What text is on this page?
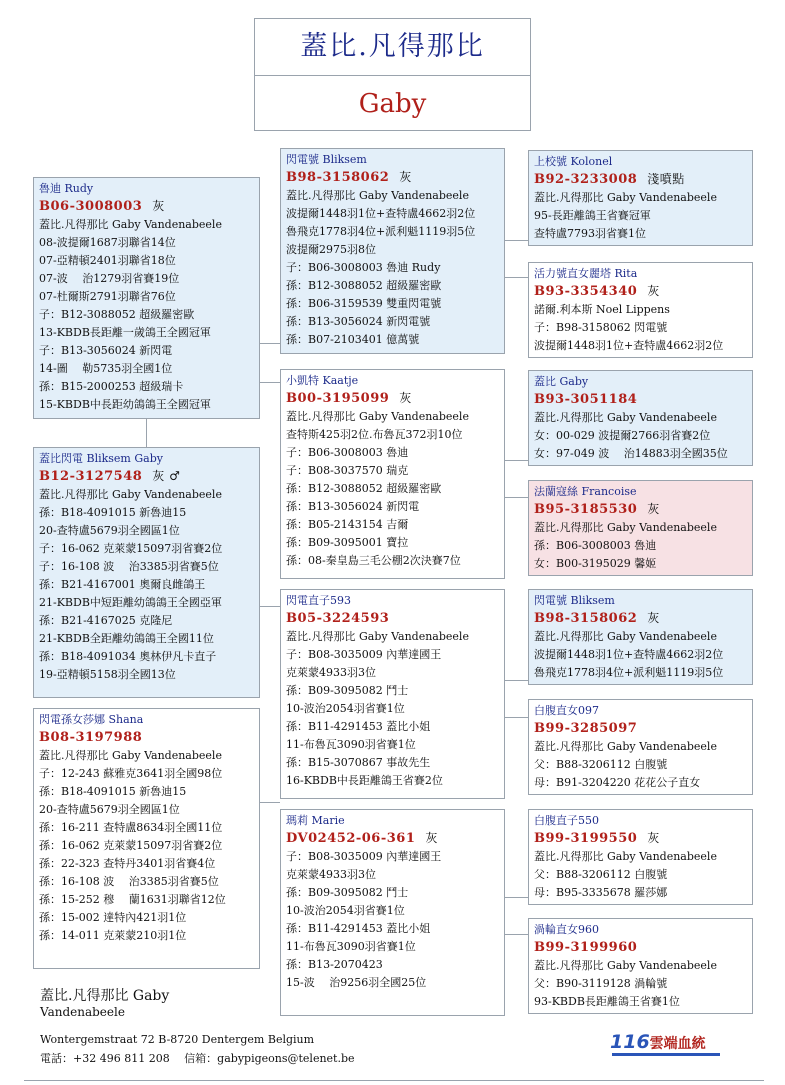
蓋比.凡得那比
Gaby
魯迪 Rudy
B06-3008003 灰
蓋比.凡得那比 Gaby Vandenabeele
08-波提爾1687羽聯省14位
07-亞精頓2401羽聯省18位
07-波　 治1279羽省賽19位
07-杜爾斯2791羽聯省76位
子：B12-3088052 超級羅密歐
13-KBDB長距離一歲鴿王全國冠軍
子：B13-3056024 新閃電
14-圖　 勒5735羽全國1位
孫：B15-2000253 超級瑞卡
15-KBDB中長距幼鴿鴿王全國冠軍
蓋比閃電 Bliksem Gaby
B12-3127548 灰 ♂
蓋比.凡得那比 Gaby Vandenabeele
孫：B18-4091015 新魯迪15
20-查特盧5679羽全國區1位
子：16-062 克萊蒙15097羽省賽2位
子：16-108 波　 治3385羽省賽5位
孫：B21-4167001 奧爾良雌鴿王
21-KBDB中短距離幼鴿鴿王全國亞軍
孫：B21-4167025 克隆尼
21-KBDB全距離幼鴿鴿王全國11位
孫：B18-4091034 奧林伊凡卡直子
19-亞精頓5158羽全國13位
閃電孫女莎娜 Shana
B08-3197988
蓋比.凡得那比 Gaby Vandenabeele
子：12-243 蘇雅克3641羽全國98位
孫：B18-4091015 新魯迪15
20-查特盧5679羽全國區1位
孫：16-211 查特盧8634羽全國11位
孫：16-062 克萊蒙15097羽省賽2位
孫：22-323 查特丹3401羽省賽4位
孫：16-108 波　 治3385羽省賽5位
孫：15-252 穆　 蘭1631羽聯省12位
孫：15-002 達特內421羽1位
孫：14-011 克萊蒙210羽1位
閃電號 Bliksem
B98-3158062 灰
蓋比.凡得那比 Gaby Vandenabeele
波提爾1448羽1位+查特盧4662羽2位
魯飛克1778羽4位+派利魁1119羽5位
波提爾2975羽8位
子：B06-3008003 魯迪 Rudy
孫：B12-3088052 超級羅密歐
孫：B06-3159539 雙重閃電號
孫：B13-3056024 新閃電號
孫：B07-2103401 億萬號
小凱特 Kaatje
B00-3195099 灰
蓋比.凡得那比 Gaby Vandenabeele
查特斯425羽2位.布魯瓦372羽10位
子：B06-3008003 魯迪
子：B08-3037570 瑞克
孫：B12-3088052 超級羅密歐
孫：B13-3056024 新閃電
孫：B05-2143154 吉爾
孫：B09-3095001 寶拉
孫：08-秦皇島三毛公棚2次決賽7位
閃電直子593
B05-3224593
蓋比.凡得那比 Gaby Vandenabeele
子：B08-3035009 內華達國王
克萊蒙4933羽3位
孫：B09-3095082 鬥士
10-波治2054羽省賽1位
孫：B11-4291453 蓋比小姐
11-布魯瓦3090羽省賽1位
孫：B15-3070867 事故先生
16-KBDB中長距離鴿王省賽2位
瑪莉 Marie
DV02452-06-361 灰
子：B08-3035009 內華達國王
克萊蒙4933羽3位
孫：B09-3095082 鬥士
10-波治2054羽省賽1位
孫：B11-4291453 蓋比小姐
11-布魯瓦3090羽省賽1位
孫：B13-2070423
15-波　 治9256羽全國25位
上校號 Kolonel
B92-3233008 淺噴點
蓋比.凡得那比 Gaby Vandenabeele
95-長距離鴿王省賽冠軍
查特盧7793羽省賽1位
活力號直女麗塔 Rita
B93-3354340 灰
諾爾.利本斯 Noel Lippens
子：B98-3158062 閃電號
波提爾1448羽1位+查特盧4662羽2位
蓋比 Gaby
B93-3051184
蓋比.凡得那比 Gaby Vandenabeele
女：00-029 波提爾2766羽省賽2位
女：97-049 波　 治14883羽全國35位
法蘭寇絲 Francoise
B95-3185530 灰
蓋比.凡得那比 Gaby Vandenabeele
孫：B06-3008003 魯迪
女：B00-3195029 馨姬
閃電號 Bliksem
B98-3158062 灰
蓋比.凡得那比 Gaby Vandenabeele
波提爾1448羽1位+查特盧4662羽2位
魯飛克1778羽4位+派利魁1119羽5位
白腹直女097
B99-3285097
蓋比.凡得那比 Gaby Vandenabeele
父：B88-3206112 白腹號
母：B91-3204220 花花公子直女
白腹直子550
B99-3199550 灰
蓋比.凡得那比 Gaby Vandenabeele
父：B88-3206112 白腹號
母：B95-3335678 羅莎娜
渦輪直女960
B99-3199960
蓋比.凡得那比 Gaby Vandenabeele
父：B90-3119128 渦輪號
93-KBDB長距離鴿王省賽1位
蓋比.凡得那比 Gaby
Vandenabeele
Wontergemstraat 72 B-8720 Dentergem Belgium
電話：+32 496 811 208　 信箱：gabypigeons@telenet.be
116雲端血統
